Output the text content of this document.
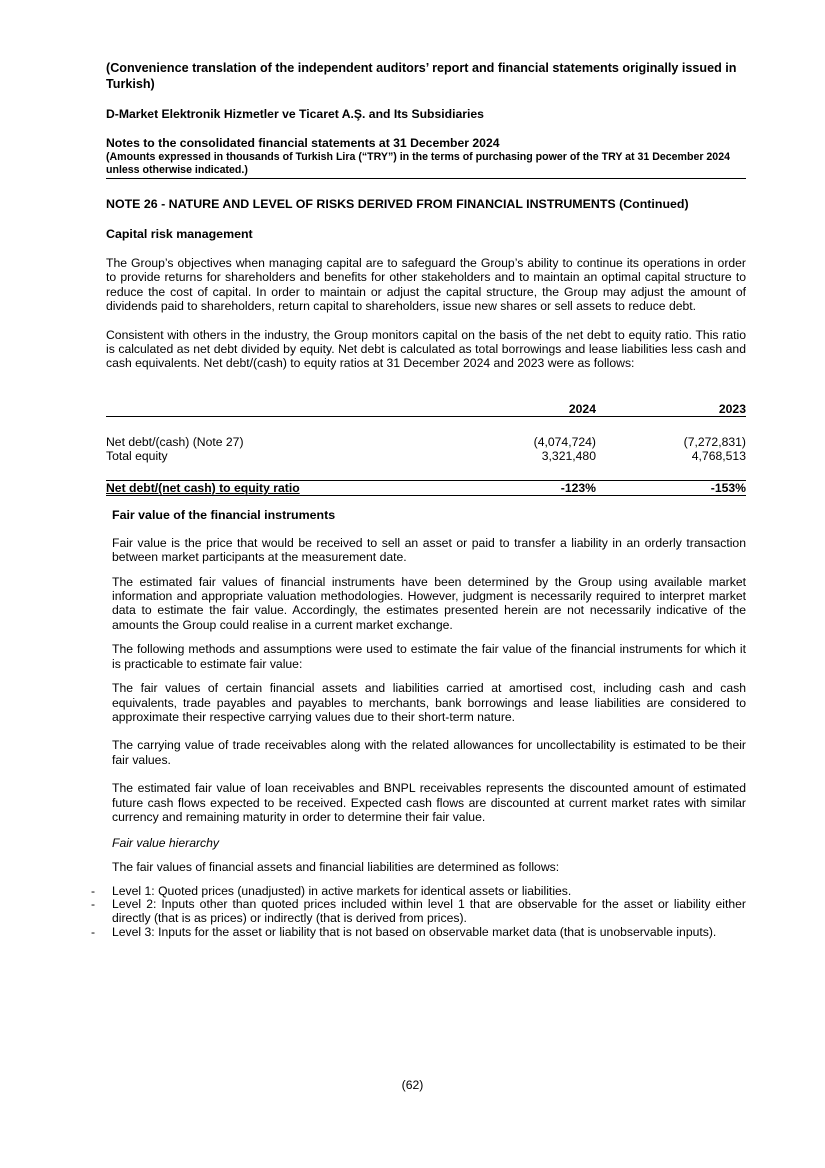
(Convenience translation of the independent auditors’ report and financial statements originally issued in Turkish)

D-Market Elektronik Hizmetler ve Ticaret A.Ş. and Its Subsidiaries

Notes to the consolidated financial statements at 31 December 2024

(Amounts expressed in thousands of Turkish Lira (“TRY”) in the terms of purchasing power of the TRY at 31 December 2024 unless otherwise indicated.)

NOTE 26 - NATURE AND LEVEL OF RISKS DERIVED FROM FINANCIAL INSTRUMENTS (Continued)

Capital risk management

The Group’s objectives when managing capital are to safeguard the Group’s ability to continue its operations in order to provide returns for shareholders and benefits for other stakeholders and to maintain an optimal capital structure to reduce the cost of capital. In order to maintain or adjust the capital structure, the Group may adjust the amount of dividends paid to shareholders, return capital to shareholders, issue new shares or sell assets to reduce debt.

Consistent with others in the industry, the Group monitors capital on the basis of the net debt to equity ratio. This ratio is calculated as net debt divided by equity. Net debt is calculated as total borrowings and lease liabilities less cash and cash equivalents. Net debt/(cash) to equity ratios at 31 December 2024 and 2023 were as follows:

	2024	2023

Net debt/(cash) (Note 27)	(4,074,724)	(7,272,831)
Total equity	3,321,480	4,768,513

Net debt/(net cash) to equity ratio	-123%	-153%

Fair value of the financial instruments

Fair value is the price that would be received to sell an asset or paid to transfer a liability in an orderly transaction between market participants at the measurement date.

The estimated fair values of financial instruments have been determined by the Group using available market information and appropriate valuation methodologies. However, judgment is necessarily required to interpret market data to estimate the fair value. Accordingly, the estimates presented herein are not necessarily indicative of the amounts the Group could realise in a current market exchange.

The following methods and assumptions were used to estimate the fair value of the financial instruments for which it is practicable to estimate fair value:

The fair values of certain financial assets and liabilities carried at amortised cost, including cash and cash equivalents, trade payables and payables to merchants, bank borrowings and lease liabilities are considered to approximate their respective carrying values due to their short-term nature.

The carrying value of trade receivables along with the related allowances for uncollectability is estimated to be their fair values.

The estimated fair value of loan receivables and BNPL receivables represents the discounted amount of estimated future cash flows expected to be received. Expected cash flows are discounted at current market rates with similar currency and remaining maturity in order to determine their fair value.

Fair value hierarchy

The fair values of financial assets and financial liabilities are determined as follows:

- Level 1: Quoted prices (unadjusted) in active markets for identical assets or liabilities.
- Level 2: Inputs other than quoted prices included within level 1 that are observable for the asset or liability either directly (that is as prices) or indirectly (that is derived from prices).
- Level 3: Inputs for the asset or liability that is not based on observable market data (that is unobservable inputs).
(62)
